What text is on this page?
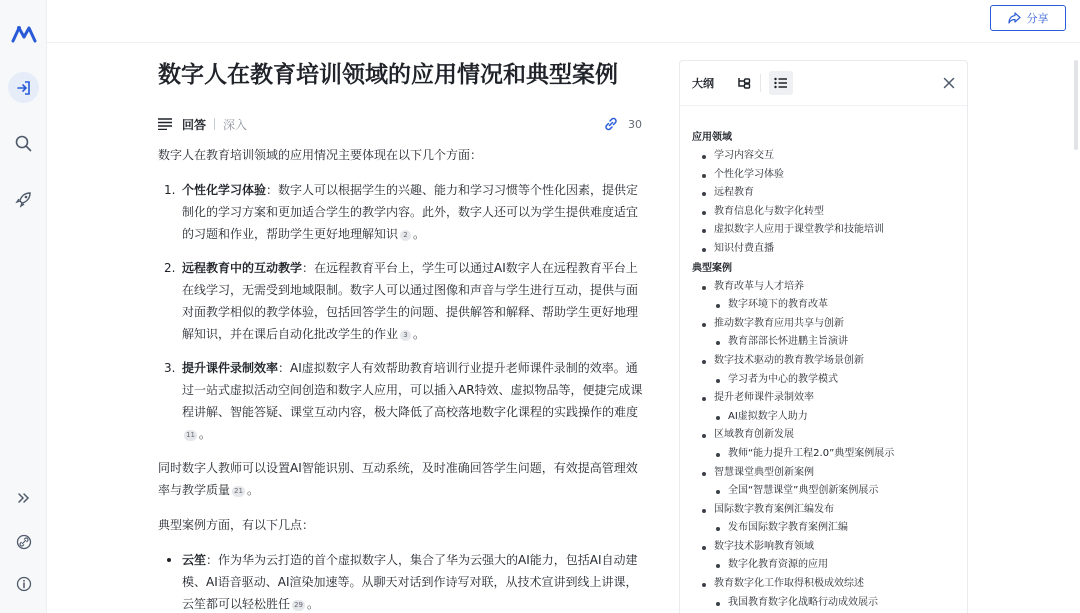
分享
数字人在教育培训领域的应用情况和典型案例
回答 深入	30

数字人在教育培训领域的应用情况主要体现在以下几个方面：

1. 个性化学习体验：数字人可以根据学生的兴趣、能力和学习习惯等个性化因素，提供定制化的学习方案和更加适合学生的教学内容。此外，数字人还可以为学生提供难度适宜的习题和作业，帮助学生更好地理解知识 2 。
2. 远程教育中的互动教学：在远程教育平台上，学生可以通过AI数字人在远程教育平台上在线学习，无需受到地域限制。数字人可以通过图像和声音与学生进行互动，提供与面对面教学相似的教学体验，包括回答学生的问题、提供解答和解释、帮助学生更好地理解知识，并在课后自动化批改学生的作业 3 。
3. 提升课件录制效率：AI虚拟数字人有效帮助教育培训行业提升老师课件录制的效率。通过一站式虚拟活动空间创造和数字人应用，可以插入AR特效、虚拟物品等，便捷完成课程讲解、智能答疑、课堂互动内容，极大降低了高校落地数字化课程的实践操作的难度11 。

同时数字人教师可以设置AI智能识别、互动系统，及时准确回答学生问题，有效提高管理效率与教学质量 21 。

典型案例方面，有以下几点：

云笙：作为华为云打造的首个虚拟数字人，集合了华为云强大的AI能力，包括AI自动建模、AI语音驱动、AI渲染加速等。从聊天对话到作诗写对联，从技术宣讲到线上讲课，云笙都可以轻松胜任 29 。
大纲
应用领域
学习内容交互
个性化学习体验
远程教育
教育信息化与数字化转型
虚拟数字人应用于课堂教学和技能培训
知识付费直播
典型案例
教育改革与人才培养
数字环境下的教育改革
推动数字教育应用共享与创新
教育部部长怀进鹏主旨演讲
数字技术驱动的教育教学场景创新
学习者为中心的教学模式
提升老师课件录制效率
AI虚拟数字人助力
区域教育创新发展
教师“能力提升工程2.0”典型案例展示
智慧课堂典型创新案例
全国“智慧课堂”典型创新案例展示
国际数字教育案例汇编发布
发布国际数字教育案例汇编
数字技术影响教育领域
数字化教育资源的应用
教育数字化工作取得积极成效综述
我国教育数字化战略行动成效展示
